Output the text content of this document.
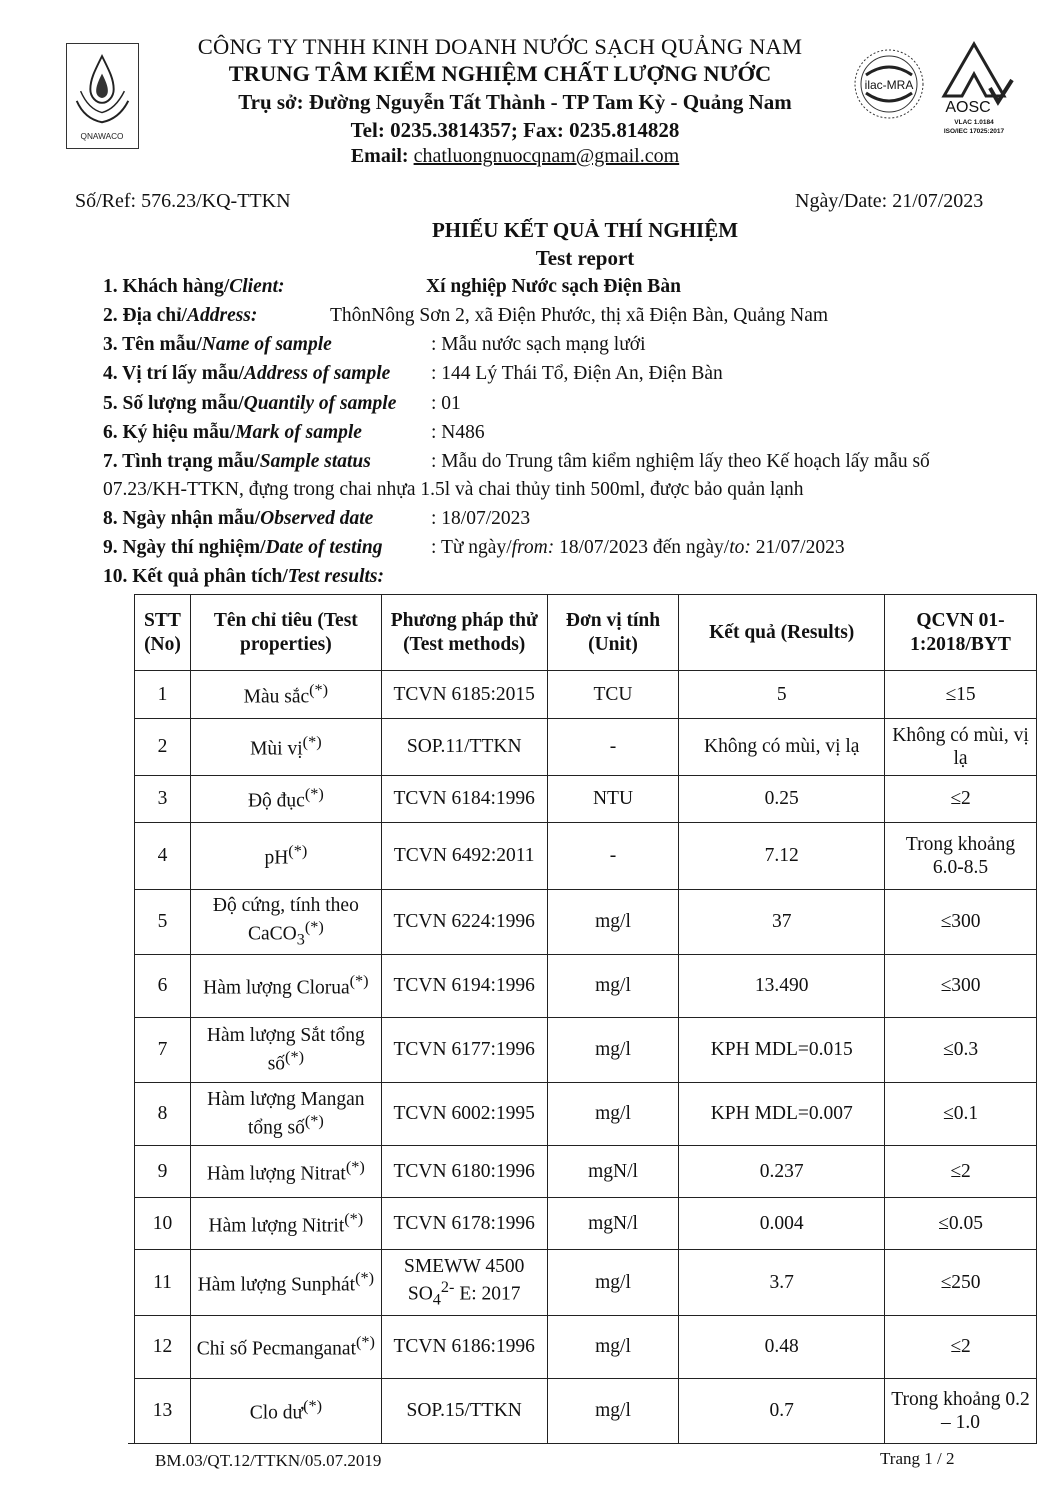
QNAWACO
ilac-MRA
AOSC
VLAC 1.0184
ISO/IEC 17025:2017
CÔNG TY TNHH KINH DOANH NƯỚC SẠCH QUẢNG NAM
TRUNG TÂM KIỂM NGHIỆM CHẤT LƯỢNG NƯỚC
Trụ sở: Đường Nguyễn Tất Thành - TP Tam Kỳ - Quảng Nam
Tel: 0235.3814357; Fax: 0235.814828
Email: chatluongnuocqnam@gmail.com
Số/Ref: 576.23/KQ-TTKN	Ngày/Date: 21/07/2023
PHIẾU KẾT QUẢ THÍ NGHIỆM
Test report
1. Khách hàng/Client:	Xí nghiệp Nước sạch Điện Bàn
2. Địa chỉ/Address:	ThônNông Sơn 2, xã Điện Phước, thị xã Điện Bàn, Quảng Nam
3. Tên mẫu/Name of sample	: Mẫu nước sạch mạng lưới
4. Vị trí lấy mẫu/Address of sample : 144 Lý Thái Tổ, Điện An, Điện Bàn
5. Số lượng mẫu/Quantily of sample : 01
6. Ký hiệu mẫu/Mark of sample	: N486
7. Tình trạng mẫu/Sample status	: Mẫu do Trung tâm kiểm nghiệm lấy theo Kế hoạch lấy mẫu số
07.23/KH-TTKN, đựng trong chai nhựa 1.5l và chai thủy tinh 500ml, được bảo quản lạnh
8. Ngày nhận mẫu/Observed date	: 18/07/2023
9. Ngày thí nghiệm/Date of testing : Từ ngày/from: 18/07/2023 đến ngày/to: 21/07/2023
10. Kết quả phân tích/Test results:
STT (No)	Tên chỉ tiêu (Test properties)	Phương pháp thử (Test methods)	Đơn vị tính (Unit)	Kết quả (Results)	QCVN 01-1:2018/BYT
1	Màu sắc(*)	TCVN 6185:2015	TCU	5	≤15
2	Mùi vị(*)	SOP.11/TTKN	-	Không có mùi, vị lạ	Không có mùi, vị lạ
3	Độ đục(*)	TCVN 6184:1996	NTU	0.25	≤2
4	pH(*)	TCVN 6492:2011	-	7.12	Trong khoảng 6.0-8.5
5	Độ cứng, tính theo CaCO$_3$(*)	TCVN 6224:1996	mg/l	37	≤300
6	Hàm lượng Clorua(*)	TCVN 6194:1996	mg/l	13.490	≤300
7	Hàm lượng Sắt tổng số(*)	TCVN 6177:1996	mg/l	KPH MDL=0.015	≤0.3
8	Hàm lượng Mangan tổng số(*)	TCVN 6002:1995	mg/l	KPH MDL=0.007	≤0.1
9	Hàm lượng Nitrat(*)	TCVN 6180:1996	mgN/l	0.237	≤2
10	Hàm lượng Nitrit(*)	TCVN 6178:1996	mgN/l	0.004	≤0.05
11	Hàm lượng Sunphát(*)	SMEWW 4500 $SO_4^{2-}$ E: 2017	mg/l	3.7	≤250
12	Chỉ số Pecmanganat(*)	TCVN 6186:1996	mg/l	0.48	≤2
13	Clo dư(*)	SOP.15/TTKN	mg/l	0.7	Trong khoảng 0.2 – 1.0
BM.03/QT.12/TTKN/05.07.2019	Trang 1 / 2
